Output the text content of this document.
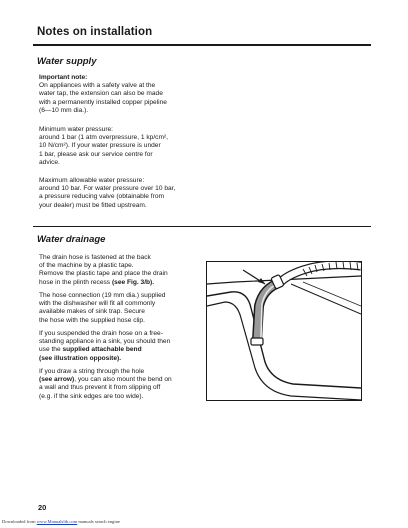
Notes on installation
Water supply

Important note:
On appliances with a safety valve at the
water tap, the extension can also be made
with a permanently installed copper pipeline
(6—10 mm dia.).

Minimum water pressure:
around 1 bar (1 atm overpressure, 1 kp/cm²,
10 N/cm²). If your water pressure is under
1 bar, please ask our service centre for
advice.

Maximum allowable water pressure:
around 10 bar. For water pressure over 10 bar,
a pressure reducing valve (obtainable from
your dealer) must be fitted upstream.

Water drainage

The drain hose is fastened at the back
of the machine by a plastic tape.
Remove the plastic tape and place the drain
hose in the plinth recess (see Fig. 3/b).

The hose connection (19 mm dia.) supplied
with the dishwasher will fit all commonly
available makes of sink trap. Secure
the hose with the supplied hose clip.

If you suspended the drain hose on a free-
standing appliance in a sink, you should then
use the supplied attachable bend
(see illustration opposite).

If you draw a string through the hole
(see arrow), you can also mount the bend on
a wall and thus prevent it from slipping off
(e.g. if the sink edges are too wide).

20
Downloaded from www.Manualslib.com manuals search engine
